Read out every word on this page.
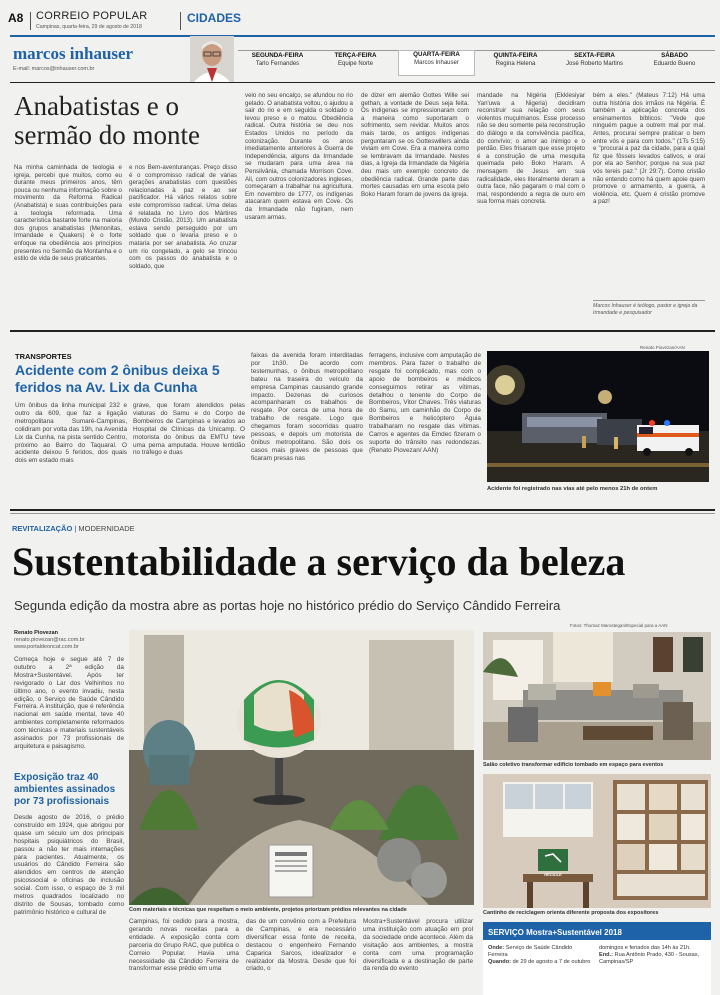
A8 CORREIO POPULAR
Campinas, quarta-feira, 29 de agosto de 2018
CIDADES
marcos inhauser
E-mail: marcos@inhauser.com.br
SEGUNDA-FEIRA
Tarlo Fernandes
TERÇA-FEIRA
Equipe Norte
QUARTA-FEIRA
Marcos Inhauser
QUINTA-FEIRA
Regina Helena
SEXTA-FEIRA
José Roberto Martins
SÁBADO
Eduardo Bueno
Anabatistas e o sermão do monte
Na minha caminhada de teologia e igreja, percebi que muitos, como eu durante meus primeiros anos, têm pouca ou nenhuma informação sobre o movimento da Reforma Radical (Anabatista) e suas contribuições para a teologia reformada. Uma característica bastante forte na maioria dos grupos anabatistas (Menonitas, Irmandade e Quakers) é o forte enfoque na obediência aos princípios presentes no Sermão da Montanha e o estilo de vida de seus praticantes.
e nos Bem-aventuranças. Preço disso é o compromisso radical de várias gerações anabatistas com questões relacionadas à paz e ao ser pacificador. Há vários relatos sobre este compromisso radical. Uma delas é relatada no Livro dos Mártires (Mundo Cristão, 2013). Um anabatista estava sendo perseguido por um soldado que o levaria preso e o mataria por ser anabatista. Ao cruzar um rio congelado, a gelo se trincou com os passos do anabatista e o soldado, que
veio no seu encalço, se afundou no rio gelado. O anabatista voltou, o ajudou a sair do rio e em seguida o soldado o levou preso e o matou. Obediência radical. Outra história se deu nos Estados Unidos no período da colonização. Durante os anos imediatamente anteriores à Guerra de Independência, alguns da Irmandade se mudaram para uma área na Pensilvânia, chamada Morrison Cove. Ali, com outros colonizadores ingleses, começaram a trabalhar na agricultura. Em novembro de 1777, os indígenas atacaram quem estava em Cove. Os da Irmandade não fugiram, nem usaram armas.
de dizer em alemão Gottes Wille sei gethan, a vontade de Deus seja feita. Os indígenas se impressionaram com a maneira como suportaram o sofrimento, sem revidar. Muitos anos mais tarde, os antigos indígenas perguntaram se os Gotteswillers ainda viviam em Cove. Era a maneira como se lembravam da Irmandade. Nestes dias, a Igreja da Irmandade da Nigéria deu mais um exemplo concreto de obediência radical. Grande parte das mortes causadas em uma escola pelo Boko Haram foram de jovens da igreja.
mandade na Nigéria (Ekklesiyar Yan'uwa a Nigeria) decidiram reconstruir sua relação com seus violentos muçulmanos. Esse processo não se deu somente pela reconstrução do diálogo e da convivência pacífica, do convívio; o amor ao inimigo e o perdão. Eles frisaram que esse projeto é a construção de uma mesquita queimada pelo Boko Haram. A mensagem de Jesus em sua radicalidade, eles literalmente deram a outra face, não pagaram o mal com o mal, respondendo a regra de ouro em sua forma mais concreta.
bém a eles." (Mateus 7:12) Há uma outra história dos irmãos na Nigéria. É também a aplicação concreta dos ensinamentos bíblicos: "Vede que ninguém pague a outrem mal por mal. Antes, procurai sempre praticar o bem entre vós e para com todos." (1Ts 5:15) e "procurai a paz da cidade, para a qual fiz que fôsseis levados cativos, e orai por ela ao Senhor; porque na sua paz vós tereis paz." (Jr 29:7). Como cristão não entendo como há quem apoie quem promove o armamento, a guerra, a violência, etc. Quem é cristão promove a paz!
Marcos Inhauser é teólogo, pastor e igreja da Irmandade e pesquisador
TRANSPORTES
Acidente com 2 ônibus deixa 5 feridos na Av. Lix da Cunha
Um ônibus da linha municipal 232 e outro da 609, que faz a ligação metropolitana Sumaré-Campinas, colidiram por volta das 19h, na Avenida Lix da Cunha, na pista sentido Centro, próximo ao Bairro do Taquaral. O acidente deixou 5 feridos, dos quais dois em estado mais
grave, que foram atendidos pelas viaturas do Samu e do Corpo de Bombeiros de Campinas e levados ao Hospital de Clínicas da Unicamp. O motorista do ônibus da EMTU teve uma perna amputada. Houve lentidão no tráfego e duas
faixas da avenida foram interditadas por 1h30. De acordo com testemunhas, o ônibus metropolitano bateu na traseira do veículo da empresa Campinas causando grande impacto. Dezenas de curiosos acompanharam os trabalhos de resgate. Por cerca de uma hora de trabalho de resgate. Logo que chegamos foram socorridas quatro pessoas, e depois um motorista de ônibus metropolitano. São dois os casos mais graves de pessoas que ficaram presas nas
ferragens, inclusive com amputação de membros. Para fazer o trabalho de resgate foi complicado, mas com o apoio de bombeiros e médicos conseguimos retirar as vítimas, detalhou o tenente do Corpo de Bombeiros, Vitor Chaves. Três viaturas do Samu, um caminhão do Corpo de Bombeiros e helicóptero Águia trabalharam no resgate das vítimas. Carros e agentes da Emdec fizeram o suporte do trânsito nas redondezas. (Renato Piovezan/ AAN)
Renato Piovezan/AAN
Acidente foi registrado nas vias até pelo menos 21h de ontem
REVITALIZAÇÃO | MODERNIDADE
Sustentabilidade a serviço da beleza
Segunda edição da mostra abre as portas hoje no histórico prédio do Serviço Cândido Ferreira
Fotos: Thomaz Marostegan/Especial para a AAN
Renato Piovezan
renato.piovezan@rac.com.br
www.portaldeoncat.com.br
Começa hoje e segue até 7 de outubro a 2ª edição da Mostra+Sustentável. Após ter revigorado o Lar dos Velhinhos no último ano, o evento invadiu, nesta edição, o Serviço de Saúde Cândido Ferreira. A instituição, que é referência nacional em saúde mental, teve 40 ambientes completamente reformados com técnicas e materiais sustentáveis assinados por 73 profissionais de arquitetura e paisagismo.
Exposição traz 40 ambientes assinados por 73 profissionais
Desde agosto de 2016, o prédio construído em 1924, que abrigou por quase um século um dos principais hospitais psiquiátricos do Brasil, passou a não ter mais internações para pacientes. Atualmente, os usuários do Cândido Ferreira são atendidos em centros de atenção psicossocial e oficinas de inclusão social. Com isso, o espaço de 3 mil metros quadrados localizado no distrito de Sousas, tombado como patrimônio histórico e cultural de	Com materiais e técnicas que respeitam o meio ambiente, projetos priorizam prédios relevantes na cidade
Campinas, foi cedido para a mostra, gerando novas receitas para a entidade. A exposição conta com parceria do Grupo RAC, que publica o Correio Popular. Havia uma necessidade da Cândido Ferreira de transformar esse prédio em uma
das de um convênio com a Prefeitura de Campinas, e era necessário diversificar essa fonte de receita, destacou o engenheiro Fernando Caparica Sarcos, idealizador e realizador da Mostra. Desde que foi criado, o
Mostra+Sustentável procura utilizar uma instituição com atuação em prol da sociedade onde acontece. Além da visitação aos ambientes, a mostra conta com uma programação diversificada e a destinação de parte da renda do evento
Salão coletivo transformar edifício tombado em espaço para eventos
RECICLE
Cantinho de reciclagem orienta diferente proposta dos expositores
SERVIÇO Mostra+Sustentável 2018
Onde: Serviço de Saúde Cândido Ferreira
Quando: de 29 de agosto a 7 de outubro
domingos e feriados das 14h às 21h.
End.: Rua Antônio Prado, 430 - Sousas, Campinas/SP
